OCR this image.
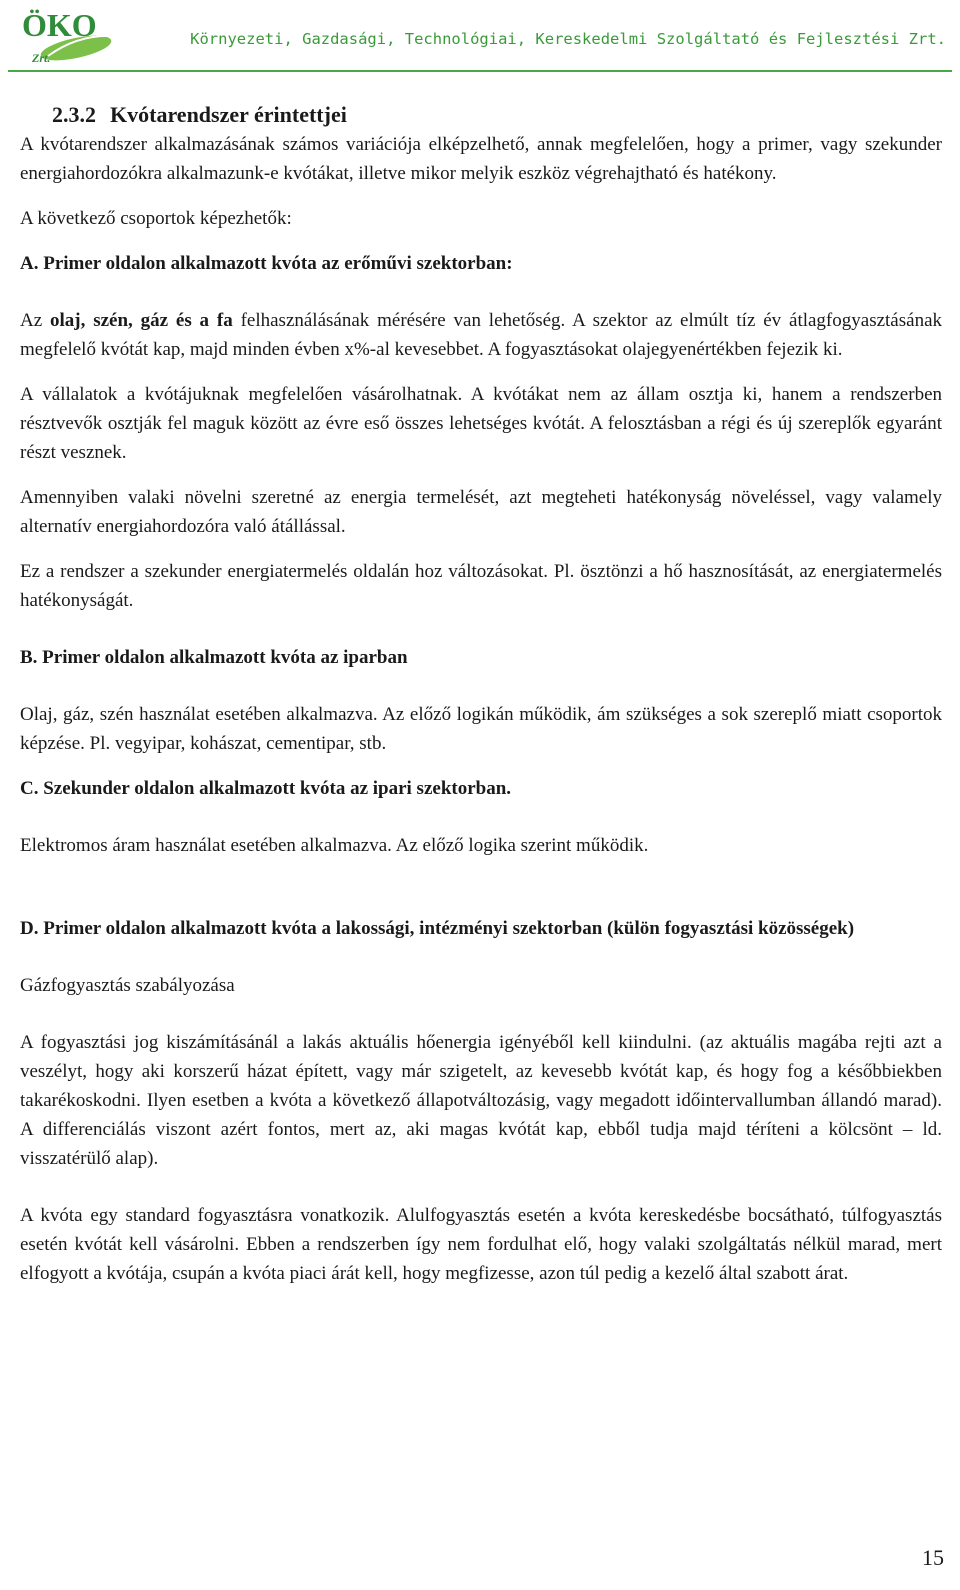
ÖKO
Zrt.
Környezeti, Gazdasági, Technológiai, Kereskedelmi Szolgáltató és Fejlesztési Zrt.
2.3.2 Kvótarendszer érintettjei

A kvótarendszer alkalmazásának számos variációja elképzelhető, annak megfelelően, hogy a primer, vagy szekunder energiahordozókra alkalmazunk-e kvótákat, illetve mikor melyik eszköz végrehajtható és hatékony.

A következő csoportok képezhetők:

A. Primer oldalon alkalmazott kvóta az erőművi szektorban:

Az olaj, szén, gáz és a fa felhasználásának mérésére van lehetőség. A szektor az elmúlt tíz év átlagfogyasztásának megfelelő kvótát kap, majd minden évben x%-al kevesebbet. A fogyasztásokat olajegyenértékben fejezik ki.

A vállalatok a kvótájuknak megfelelően vásárolhatnak. A kvótákat nem az állam osztja ki, hanem a rendszerben résztvevők osztják fel maguk között az évre eső összes lehetséges kvótát. A felosztásban a régi és új szereplők egyaránt részt vesznek.

Amennyiben valaki növelni szeretné az energia termelését, azt megteheti hatékonyság növeléssel, vagy valamely alternatív energiahordozóra való átállással.

Ez a rendszer a szekunder energiatermelés oldalán hoz változásokat. Pl. ösztönzi a hő hasznosítását, az energiatermelés hatékonyságát.

B. Primer oldalon alkalmazott kvóta az iparban

Olaj, gáz, szén használat esetében alkalmazva. Az előző logikán működik, ám szükséges a sok szereplő miatt csoportok képzése. Pl. vegyipar, kohászat, cementipar, stb.

C. Szekunder oldalon alkalmazott kvóta az ipari szektorban.

Elektromos áram használat esetében alkalmazva. Az előző logika szerint működik.

D. Primer oldalon alkalmazott kvóta a lakossági, intézményi szektorban (külön fogyasztási közösségek)

Gázfogyasztás szabályozása

A fogyasztási jog kiszámításánál a lakás aktuális hőenergia igényéből kell kiindulni. (az aktuális magába rejti azt a veszélyt, hogy aki korszerű házat épített, vagy már szigetelt, az kevesebb kvótát kap, és hogy fog a későbbiekben takarékoskodni. Ilyen esetben a kvóta a következő állapotváltozásig, vagy megadott időintervallumban állandó marad). A differenciálás viszont azért fontos, mert az, aki magas kvótát kap, ebből tudja majd téríteni a kölcsönt – ld. visszatérülő alap).

A kvóta egy standard fogyasztásra vonatkozik. Alulfogyasztás esetén a kvóta kereskedésbe bocsátható, túlfogyasztás esetén kvótát kell vásárolni. Ebben a rendszerben így nem fordulhat elő, hogy valaki szolgáltatás nélkül marad, mert elfogyott a kvótája, csupán a kvóta piaci árát kell, hogy megfizesse, azon túl pedig a kezelő által szabott árat.

15
